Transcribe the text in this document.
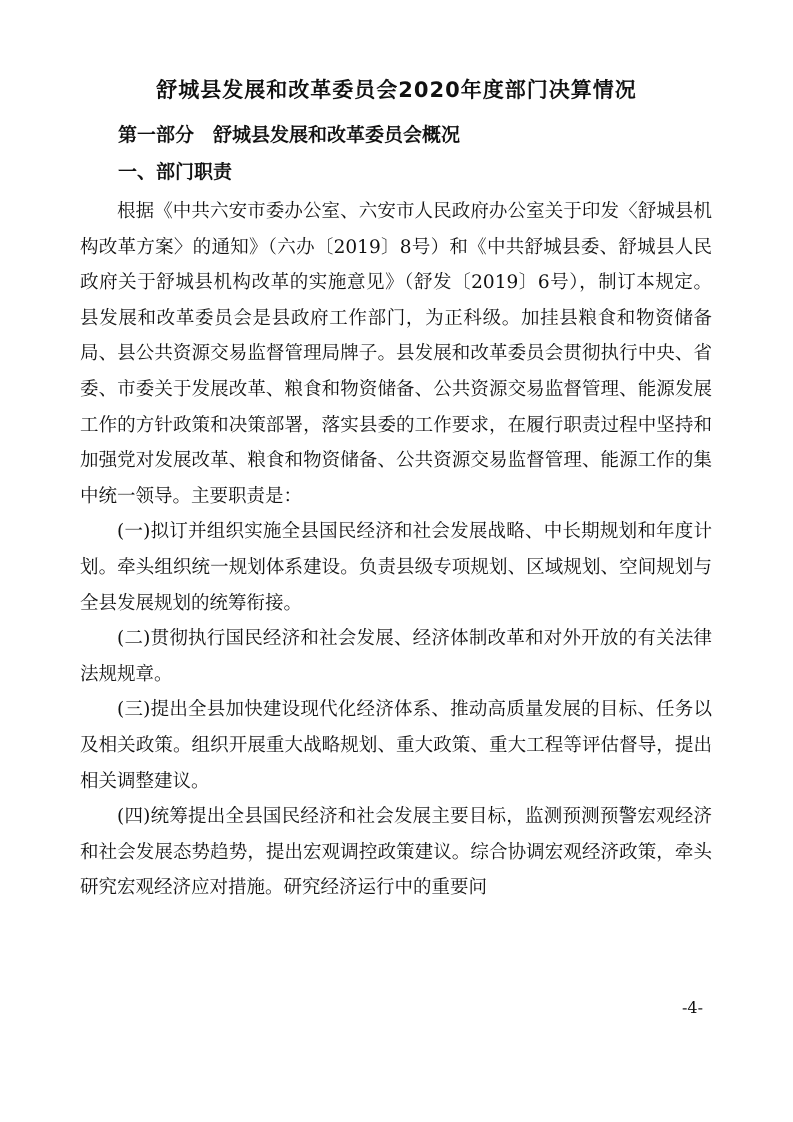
舒城县发展和改革委员会2020年度部门决算情况
第一部分　舒城县发展和改革委员会概况
一、部门职责

根据《中共六安市委办公室、六安市人民政府办公室关于印发〈舒城县机构改革方案〉的通知》（六办〔2019〕8号）和《中共舒城县委、舒城县人民政府关于舒城县机构改革的实施意见》（舒发〔2019〕6号），制订本规定。县发展和改革委员会是县政府工作部门，为正科级。加挂县粮食和物资储备局、县公共资源交易监督管理局牌子。县发展和改革委员会贯彻执行中央、省委、市委关于发展改革、粮食和物资储备、公共资源交易监督管理、能源发展工作的方针政策和决策部署，落实县委的工作要求，在履行职责过程中坚持和加强党对发展改革、粮食和物资储备、公共资源交易监督管理、能源工作的集中统一领导。主要职责是：

(一)拟订并组织实施全县国民经济和社会发展战略、中长期规划和年度计划。牵头组织统一规划体系建设。负责县级专项规划、区域规划、空间规划与全县发展规划的统筹衔接。

(二)贯彻执行国民经济和社会发展、经济体制改革和对外开放的有关法律法规规章。

(三)提出全县加快建设现代化经济体系、推动高质量发展的目标、任务以及相关政策。组织开展重大战略规划、重大政策、重大工程等评估督导，提出相关调整建议。

(四)统筹提出全县国民经济和社会发展主要目标，监测预测预警宏观经济和社会发展态势趋势，提出宏观调控政策建议。综合协调宏观经济政策，牵头研究宏观经济应对措施。研究经济运行中的重要问

-4-
